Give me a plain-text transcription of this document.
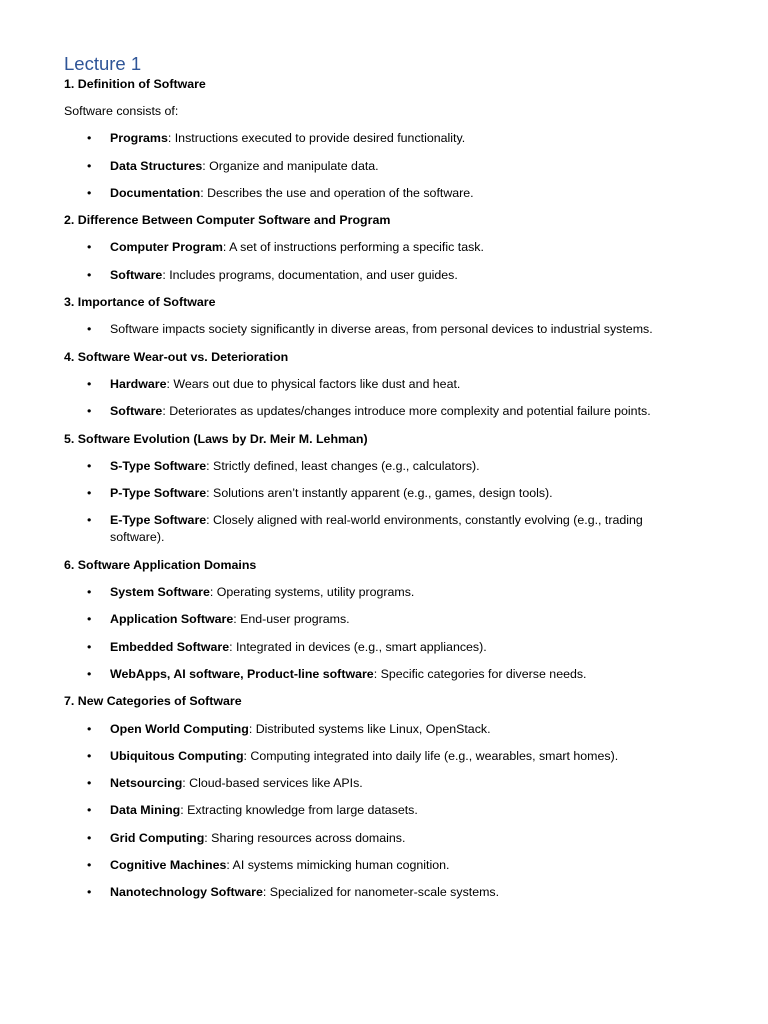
Lecture 1
1. Definition of Software
Software consists of:
• Programs: Instructions executed to provide desired functionality.
• Data Structures: Organize and manipulate data.
• Documentation: Describes the use and operation of the software.
2. Difference Between Computer Software and Program
• Computer Program: A set of instructions performing a specific task.
• Software: Includes programs, documentation, and user guides.
3. Importance of Software
• Software impacts society significantly in diverse areas, from personal devices to industrial systems.
4. Software Wear-out vs. Deterioration
• Hardware: Wears out due to physical factors like dust and heat.
• Software: Deteriorates as updates/changes introduce more complexity and potential failure points.
5. Software Evolution (Laws by Dr. Meir M. Lehman)
• S-Type Software: Strictly defined, least changes (e.g., calculators).
• P-Type Software: Solutions aren’t instantly apparent (e.g., games, design tools).
• E-Type Software: Closely aligned with real-world environments, constantly evolving (e.g., trading software).
6. Software Application Domains
• System Software: Operating systems, utility programs.
• Application Software: End-user programs.
• Embedded Software: Integrated in devices (e.g., smart appliances).
• WebApps, AI software, Product-line software: Specific categories for diverse needs.
7. New Categories of Software
• Open World Computing: Distributed systems like Linux, OpenStack.
• Ubiquitous Computing: Computing integrated into daily life (e.g., wearables, smart homes).
• Netsourcing: Cloud-based services like APIs.
• Data Mining: Extracting knowledge from large datasets.
• Grid Computing: Sharing resources across domains.
• Cognitive Machines: AI systems mimicking human cognition.
• Nanotechnology Software: Specialized for nanometer-scale systems.
